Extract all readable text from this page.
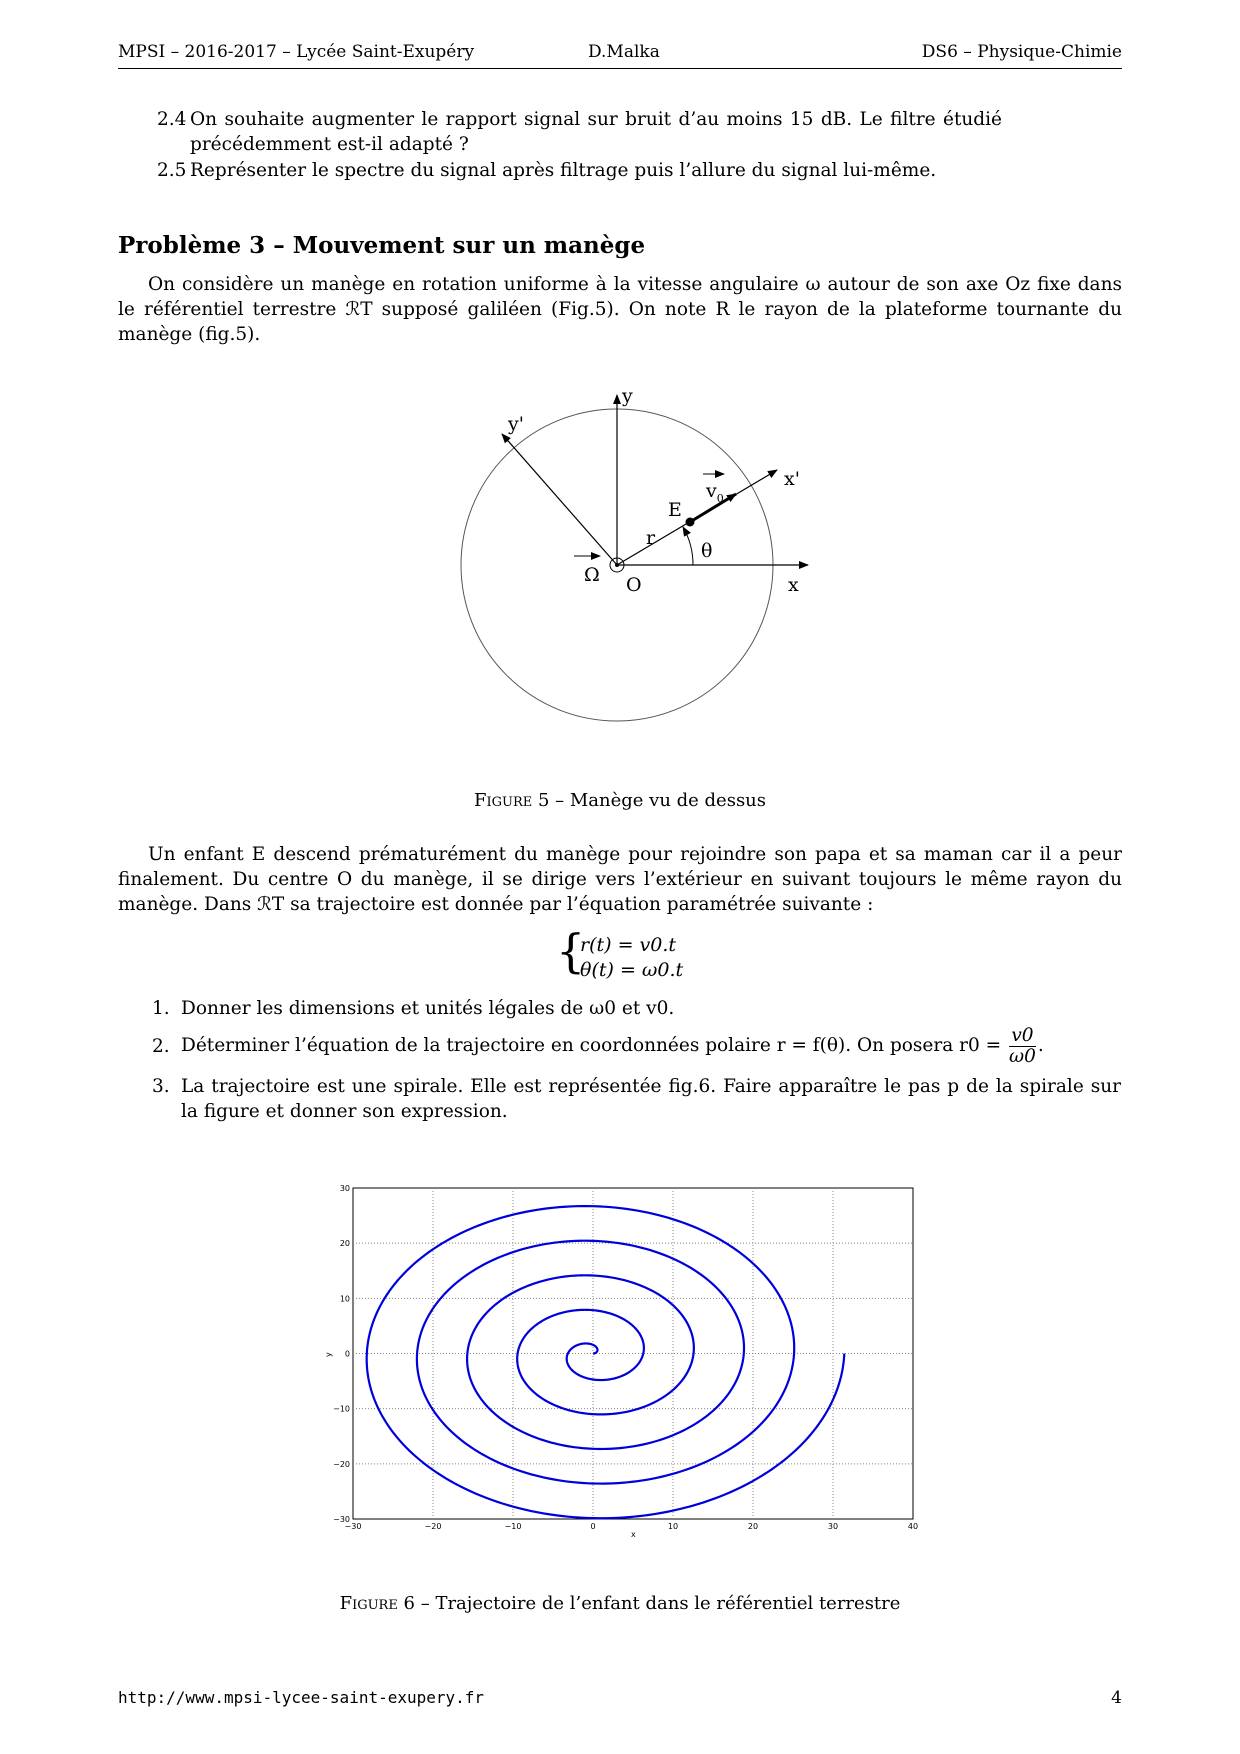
MPSI – 2016-2017 – Lycée Saint-Exupéry	D.Malka	DS6 – Physique-Chimie
2.4 On souhaite augmenter le rapport signal sur bruit d’au moins 15 dB. Le filtre étudié précédemment est-il adapté ?
2.5 Représenter le spectre du signal après filtrage puis l’allure du signal lui-même.
Problème 3 – Mouvement sur un manège
On considère un manège en rotation uniforme à la vitesse angulaire ω autour de son axe Oz fixe dans le référentiel terrestre ℛT supposé galiléen (Fig.5). On note R le rayon de la plateforme tournante du manège (fig.5).
y
y'
x'
x
O
E
r
θ
$v_0$
Ω
Figure 5 – Manège vu de dessus
Un enfant E descend prématurément du manège pour rejoindre son papa et sa maman car il a peur finalement. Du centre O du manège, il se dirige vers l’extérieur en suivant toujours le même rayon du manège. Dans ℛT sa trajectoire est donnée par l’équation paramétrée suivante :
{
r(t) = v0.t
θ(t) = ω0.t
1. Donner les dimensions et unités légales de ω0 et v0.
2. Déterminer l’équation de la trajectoire en coordonnées polaire r = f(θ). On posera $r0 = \frac{v0}{\omega 0}$ .
3. La trajectoire est une spirale. Elle est représentée fig.6. Faire apparaître le pas p de la spirale sur la figure et donner son expression.
−30	−20	−10	0	10	20	30	40
30
20
10
0
−10
−20
−30
x
y
Figure 6 – Trajectoire de l’enfant dans le référentiel terrestre
http://www.mpsi-lycee-saint-exupery.fr	4
